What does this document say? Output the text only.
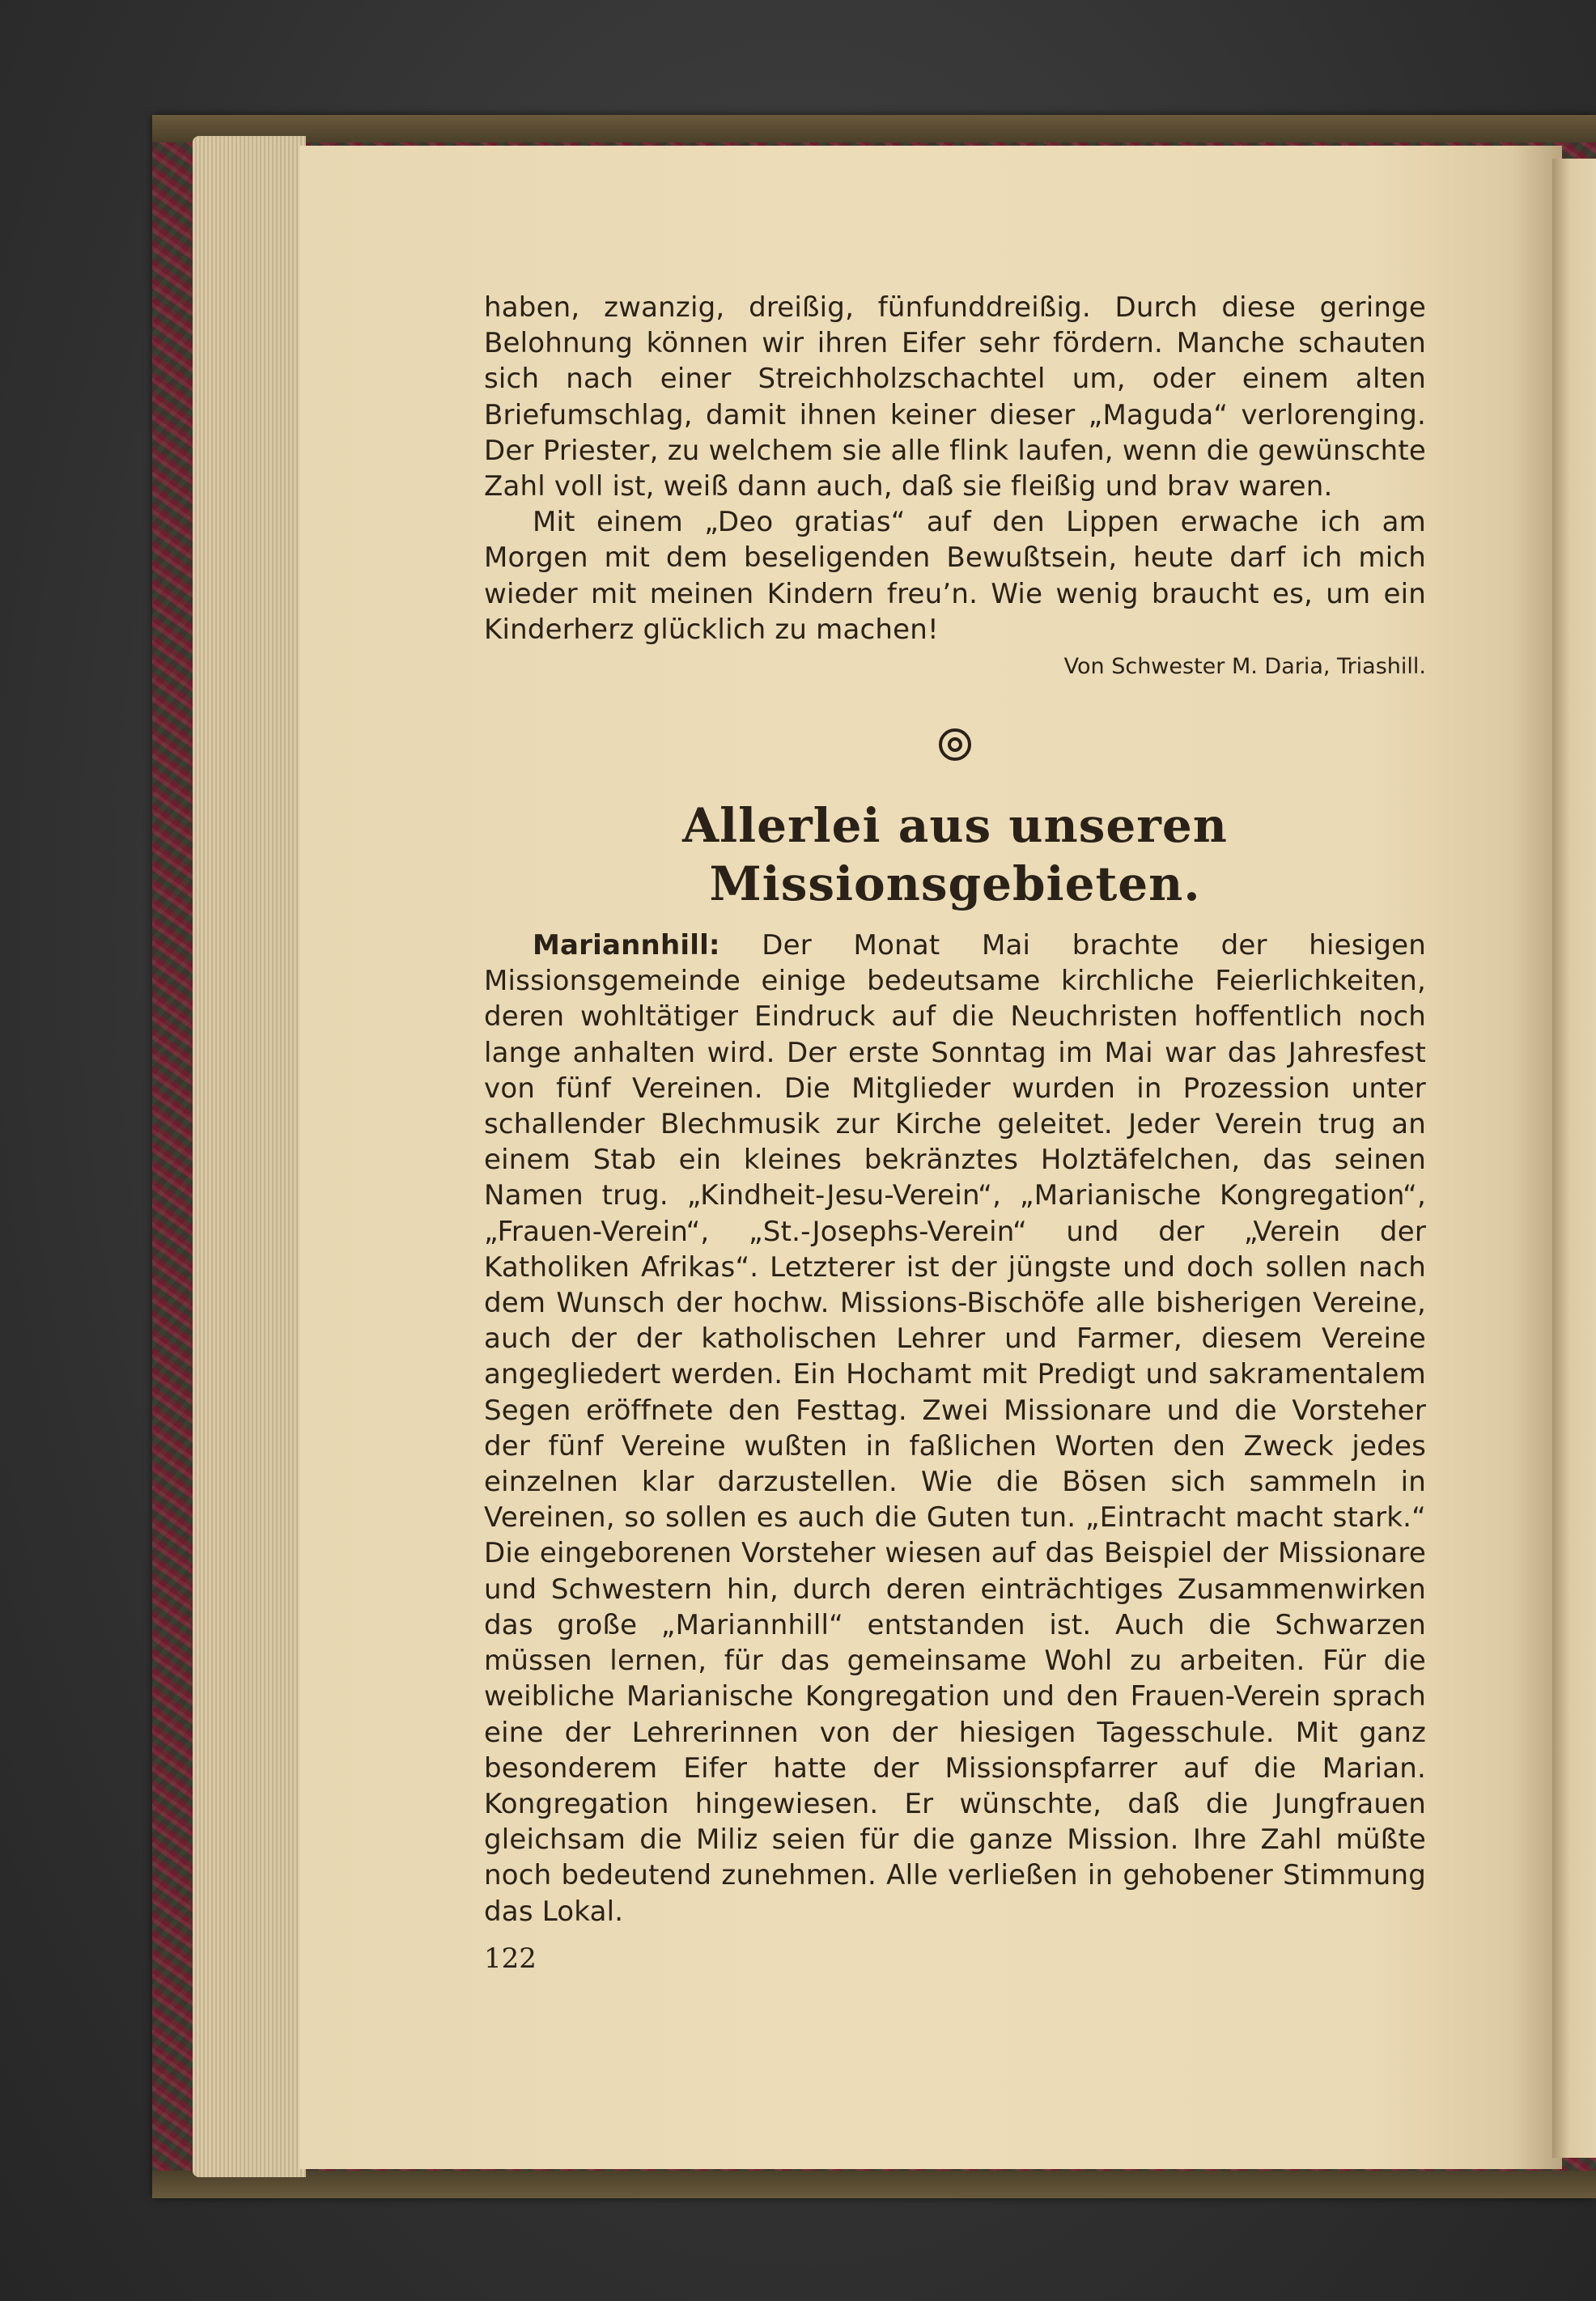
haben, zwanzig, dreißig, fünfunddreißig. Durch diese geringe Belohnung können wir ihren Eifer sehr fördern. Manche schauten sich nach einer Streichholzschachtel um, oder einem alten Briefumschlag, damit ihnen keiner dieser „Maguda“ verlorenging. Der Priester, zu welchem sie alle flink laufen, wenn die gewünschte Zahl voll ist, weiß dann auch, daß sie fleißig und brav waren.

Mit einem „Deo gratias“ auf den Lippen erwache ich am Morgen mit dem beseligenden Bewußtsein, heute darf ich mich wieder mit meinen Kindern freu’n. Wie wenig braucht es, um ein Kinderherz glücklich zu machen!

Von Schwester M. Daria, Triashill.

Allerlei aus unseren Missionsgebieten.

Mariannhill: Der Monat Mai brachte der hiesigen Missionsgemeinde einige bedeutsame kirchliche Feierlichkeiten, deren wohltätiger Eindruck auf die Neuchristen hoffentlich noch lange anhalten wird. Der erste Sonntag im Mai war das Jahresfest von fünf Vereinen. Die Mitglieder wurden in Prozession unter schallender Blechmusik zur Kirche geleitet. Jeder Verein trug an einem Stab ein kleines bekränztes Holztäfelchen, das seinen Namen trug. „Kindheit-Jesu-Verein“, „Marianische Kongregation“, „Frauen-Verein“, „St.-Josephs-Verein“ und der „Verein der Katholiken Afrikas“. Letzterer ist der jüngste und doch sollen nach dem Wunsch der hochw. Missions-Bischöfe alle bisherigen Vereine, auch der der katholischen Lehrer und Farmer, diesem Vereine angegliedert werden. Ein Hochamt mit Predigt und sakramentalem Segen eröffnete den Festtag. Zwei Missionare und die Vorsteher der fünf Vereine wußten in faßlichen Worten den Zweck jedes einzelnen klar darzustellen. Wie die Bösen sich sammeln in Vereinen, so sollen es auch die Guten tun. „Eintracht macht stark.“ Die eingeborenen Vorsteher wiesen auf das Beispiel der Missionare und Schwestern hin, durch deren einträchtiges Zusammenwirken das große „Mariannhill“ entstanden ist. Auch die Schwarzen müssen lernen, für das gemeinsame Wohl zu arbeiten. Für die weibliche Marianische Kongregation und den Frauen-Verein sprach eine der Lehrerinnen von der hiesigen Tagesschule. Mit ganz besonderem Eifer hatte der Missionspfarrer auf die Marian. Kongregation hingewiesen. Er wünschte, daß die Jungfrauen gleichsam die Miliz seien für die ganze Mission. Ihre Zahl müßte noch bedeutend zunehmen. Alle verließen in gehobener Stimmung das Lokal.

122
